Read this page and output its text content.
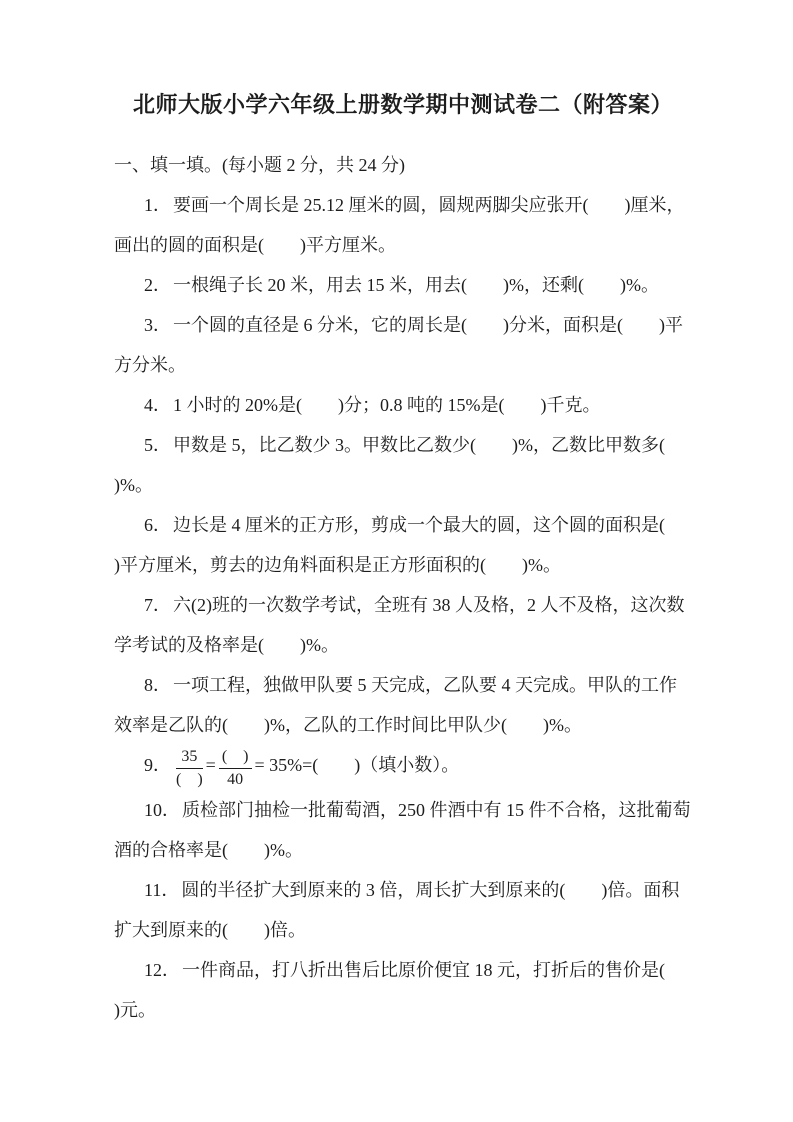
北师大版小学六年级上册数学期中测试卷二（附答案）

一、填一填。(每小题 2 分，共 24 分)

1． 要画一个周长是 25.12 厘米的圆，圆规两脚尖应张开(　　)厘米，画出的圆的面积是(　　)平方厘米。

2． 一根绳子长 20 米，用去 15 米，用去(　　)%，还剩(　　)%。

3． 一个圆的直径是 6 分米，它的周长是(　　)分米，面积是(　　)平方分米。

4． 1 小时的 20%是(　　)分；0.8 吨的 15%是(　　)千克。

5． 甲数是 5，比乙数少 3。甲数比乙数少(　　)%，乙数比甲数多(　　)%。

6． 边长是 4 厘米的正方形，剪成一个最大的圆，这个圆的面积是(　　)平方厘米，剪去的边角料面积是正方形面积的(　　)%。

7． 六(2)班的一次数学考试，全班有 38 人及格，2 人不及格，这次数学考试的及格率是(　　)%。

8． 一项工程，独做甲队要 5 天完成，乙队要 4 天完成。甲队的工作效率是乙队的(　　)%，乙队的工作时间比甲队少(　　)%。

9． $\frac{35}{( )} = \frac{( )}{40} = 35\%=$(　　)（填小数）。

10． 质检部门抽检一批葡萄酒，250 件酒中有 15 件不合格，这批葡萄酒的合格率是(　　)%。

11． 圆的半径扩大到原来的 3 倍，周长扩大到原来的(　　)倍。面积扩大到原来的(　　)倍。

12． 一件商品，打八折出售后比原价便宜 18 元，打折后的售价是(　　)元。
